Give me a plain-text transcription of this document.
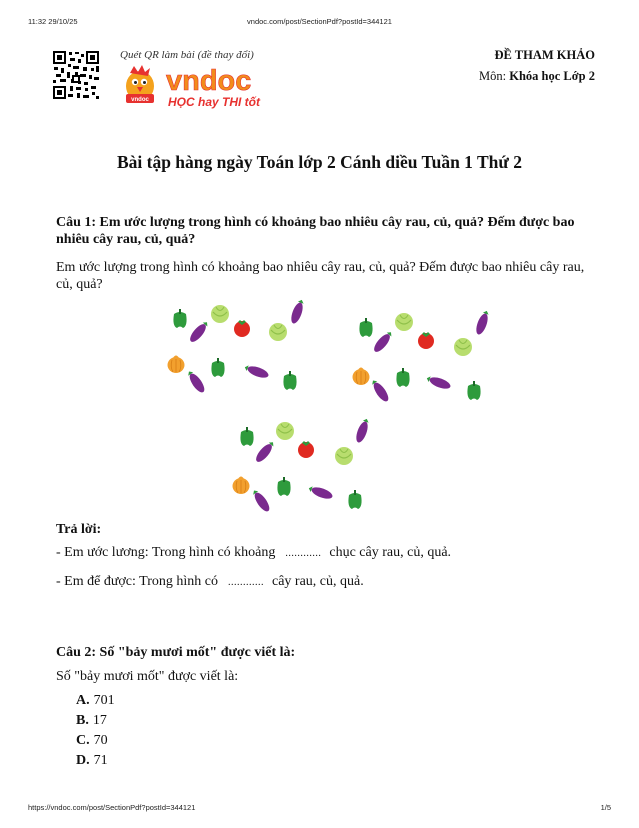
11:32 29/10/25	vndoc.com/post/SectionPdf?postId=344121
Quét QR làm bài (đề thay đổi)
vndoc
vndoc
HỌC hay THI tốt
ĐỀ THAM KHẢO
Môn: Khóa học Lớp 2
Bài tập hàng ngày Toán lớp 2 Cánh diều Tuần 1 Thứ 2
Câu 1: Em ước lượng trong hình có khoảng bao nhiêu cây rau, củ, quả? Đếm được bao nhiêu cây rau, củ, quả?
Em ước lượng trong hình có khoảng bao nhiêu cây rau, củ, quả? Đếm được bao nhiêu cây rau, củ, quả?
Trả lời:
- Em ước lương: Trong hình có khoảng ............ chục cây rau, củ, quả.
- Em để được: Trong hình có ............ cây rau, củ, quả.
Câu 2: Số "bảy mươi mốt" được viết là:
Số "bảy mươi mốt" được viết là:
A. 701
B. 17
C. 70
D. 71
https://vndoc.com/post/SectionPdf?postId=344121	1/5
